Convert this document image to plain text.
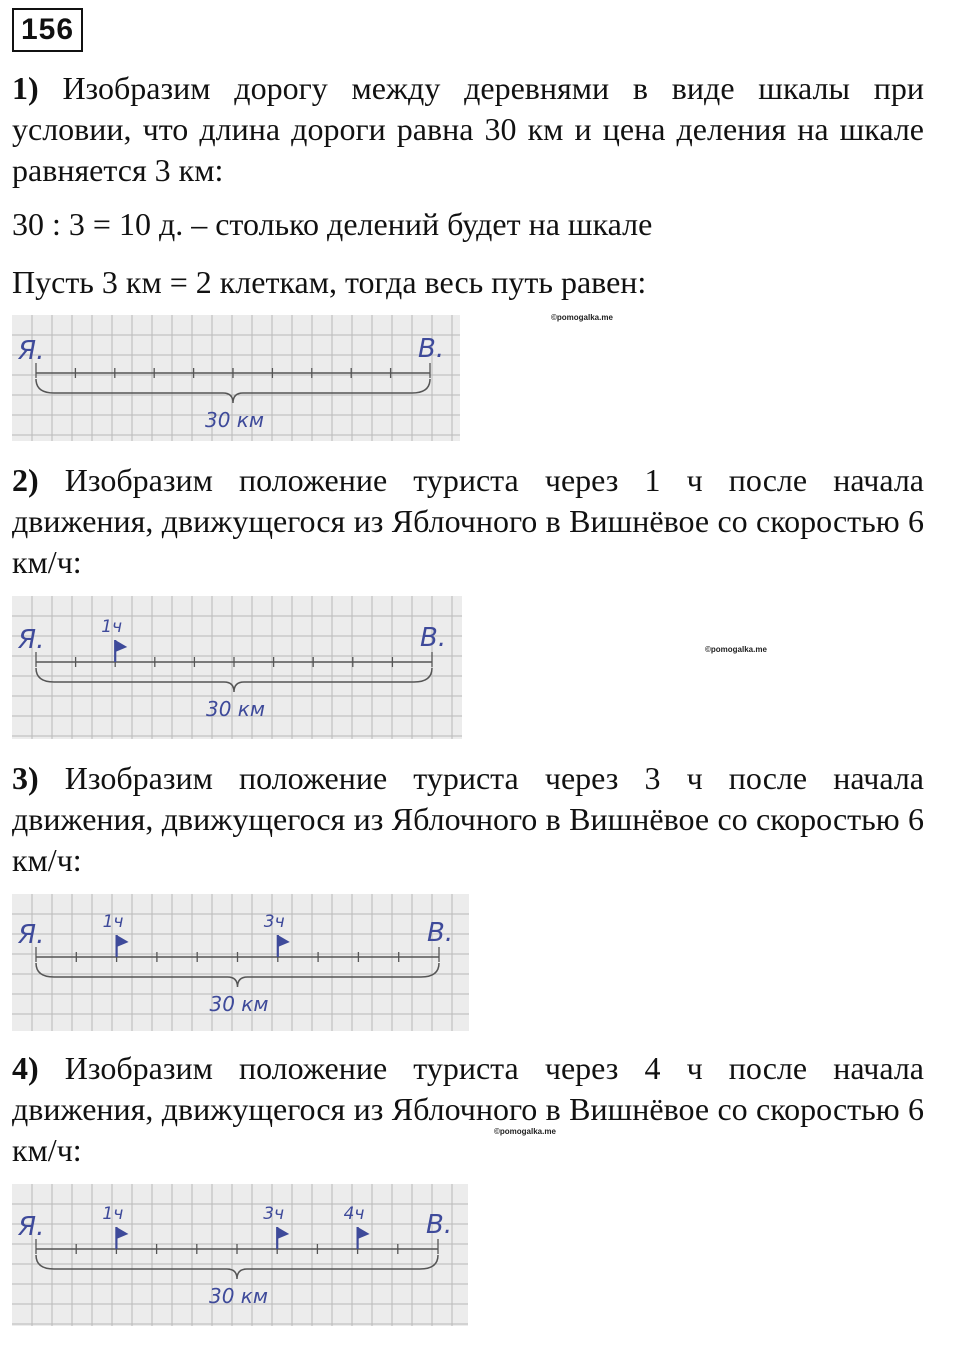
156

1) Изобразим дорогу между деревнями в виде шкалы при условии, что длина дороги равна 30 км и цена деления на шкале равняется 3 км:

30 : 3 = 10 д. – столько делений будет на шкале
Пусть 3 км = 2 клеткам, тогда весь путь равен:
Я.	В.
30 км
©pomogalka.me

2) Изобразим положение туриста через 1 ч после начала движения, движущегося из Яблочного в Вишнёвое со скоростью 6 км/ч:

Я.	В.
30 км
1ч
©pomogalka.me

3) Изобразим положение туриста через 3 ч после начала движения, движущегося из Яблочного в Вишнёвое со скоростью 6 км/ч:

Я.	В.
30 км
1ч	3ч

4) Изобразим положение туриста через 4 ч после начала движения, движущегося из Яблочного в Вишнёвое со скоростью 6 км/ч:

©pomogalka.me
Я.	В.
30 км
1ч	3ч	4ч
